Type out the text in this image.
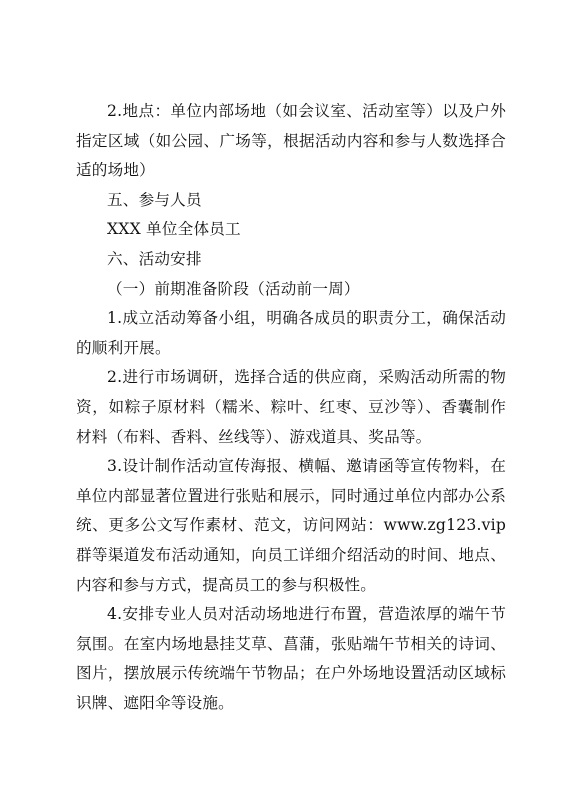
2.地点：单位内部场地（如会议室、活动室等）以及户外指定区域（如公园、广场等，根据活动内容和参与人数选择合适的场地）

五、参与人员

XXX 单位全体员工

六、活动安排

（一）前期准备阶段（活动前一周）

1.成立活动筹备小组，明确各成员的职责分工，确保活动的顺利开展。

2.进行市场调研，选择合适的供应商，采购活动所需的物资，如粽子原材料（糯米、粽叶、红枣、豆沙等）、香囊制作材料（布料、香料、丝线等）、游戏道具、奖品等。

3.设计制作活动宣传海报、横幅、邀请函等宣传物料，在单位内部显著位置进行张贴和展示，同时通过单位内部办公系统、更多公文写作素材、范文，访问网站：www.zg123.vip 群等渠道发布活动通知，向员工详细介绍活动的时间、地点、内容和参与方式，提高员工的参与积极性。

4.安排专业人员对活动场地进行布置，营造浓厚的端午节氛围。在室内场地悬挂艾草、菖蒲，张贴端午节相关的诗词、图片，摆放展示传统端午节物品；在户外场地设置活动区域标识牌、遮阳伞等设施。
